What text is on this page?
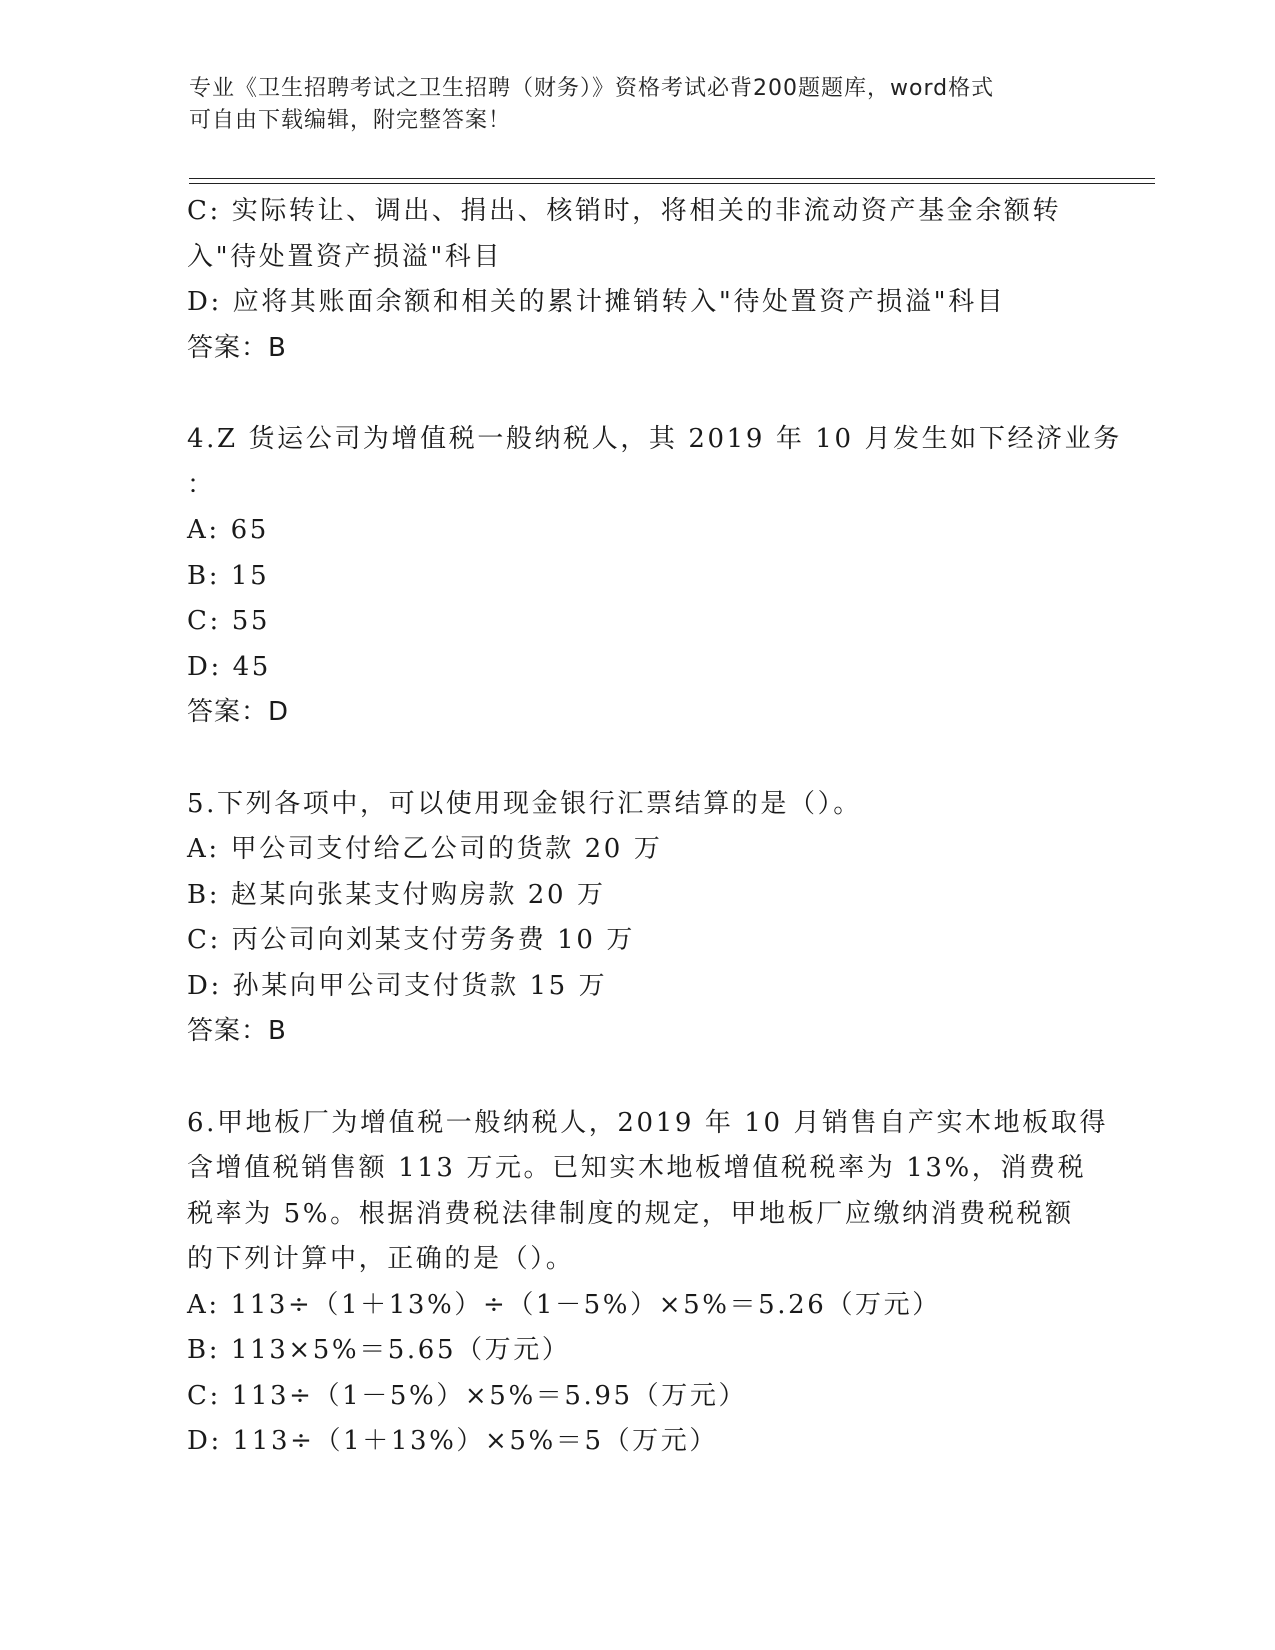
专业《卫生招聘考试之卫生招聘（财务）》资格考试必背200题题库，word格式
可自由下载编辑，附完整答案！
C: 实际转让、调出、捐出、核销时，将相关的非流动资产基金余额转
入"待处置资产损溢"科目
D: 应将其账面余额和相关的累计摊销转入"待处置资产损溢"科目
答案：B
4.Z 货运公司为增值税一般纳税人，其 2019 年 10 月发生如下经济业务
：
A: 65
B: 15
C: 55
D: 45
答案：D
5.下列各项中，可以使用现金银行汇票结算的是（）。
A: 甲公司支付给乙公司的货款 20 万
B: 赵某向张某支付购房款 20 万
C: 丙公司向刘某支付劳务费 10 万
D: 孙某向甲公司支付货款 15 万
答案：B
6.甲地板厂为增值税一般纳税人，2019 年 10 月销售自产实木地板取得
含增值税销售额 113 万元。已知实木地板增值税税率为 13%，消费税
税率为 5%。根据消费税法律制度的规定，甲地板厂应缴纳消费税税额
的下列计算中，正确的是（）。
A: 113÷（1＋13%）÷（1－5%）×5%＝5.26（万元）
B: 113×5%＝5.65（万元）
C: 113÷（1－5%）×5%＝5.95（万元）
D: 113÷（1＋13%）×5%＝5（万元）
